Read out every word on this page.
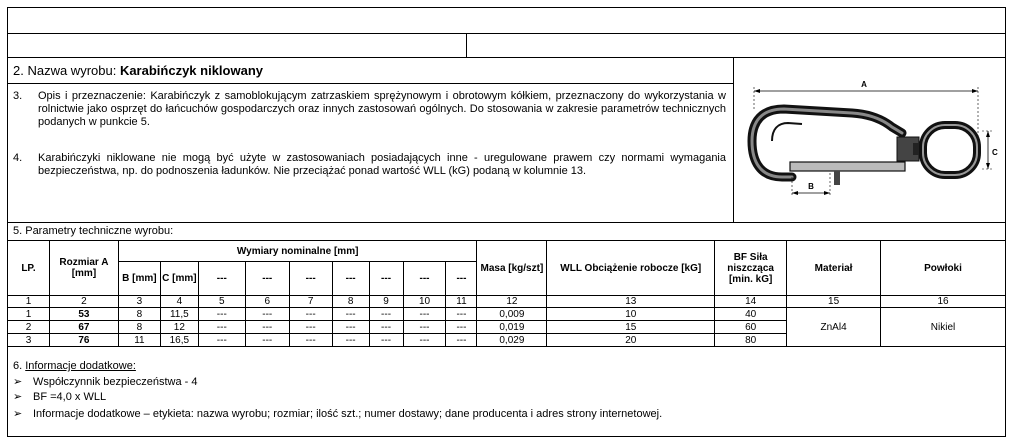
2. Nazwa wyrobu: Karabińczyk niklowany
3. Opis i przeznaczenie: Karabińczyk z samoblokującym zatrzaskiem sprężynowym i obrotowym kółkiem, przeznaczony do wykorzystania w rolnictwie jako osprzęt do łańcuchów gospodarczych oraz innych zastosowań ogólnych. Do stosowania w zakresie parametrów technicznych podanych w punkcie 5.
4. Karabińczyki niklowane nie mogą być użyte w zastosowaniach posiadających inne - uregulowane prawem czy normami wymagania bezpieczeństwa, np. do podnoszenia ładunków. Nie przeciążać ponad wartość WLL (kG) podaną w kolumnie 13.
A
C
B
5. Parametry techniczne wyrobu:
LP.	Rozmiar A [mm]	Wymiary nominalne [mm]									Masa [kg/szt]	WLL Obciążenie robocze [kG]	BF Siła niszcząca [min. kG]	Materiał	Powłoki
		B [mm]	C [mm]	---	---	---	---	---	---	---					
1	2	3	4	5	6	7	8	9	10	11	12	13	14	15	16
1	53	8	11,5	---	---	---	---	---	---	---	0,009	10	40	ZnAl4	Nikiel
2	67	8	12	---	---	---	---	---	---	---	0,019	15	60		
3	76	11	16,5	---	---	---	---	---	---	---	0,029	20	80		
6. Informacje dodatkowe:
➢ Współczynnik bezpieczeństwa - 4
➢ BF =4,0 x WLL
➢ Informacje dodatkowe – etykieta: nazwa wyrobu; rozmiar; ilość szt.; numer dostawy; dane producenta i adres strony internetowej.
